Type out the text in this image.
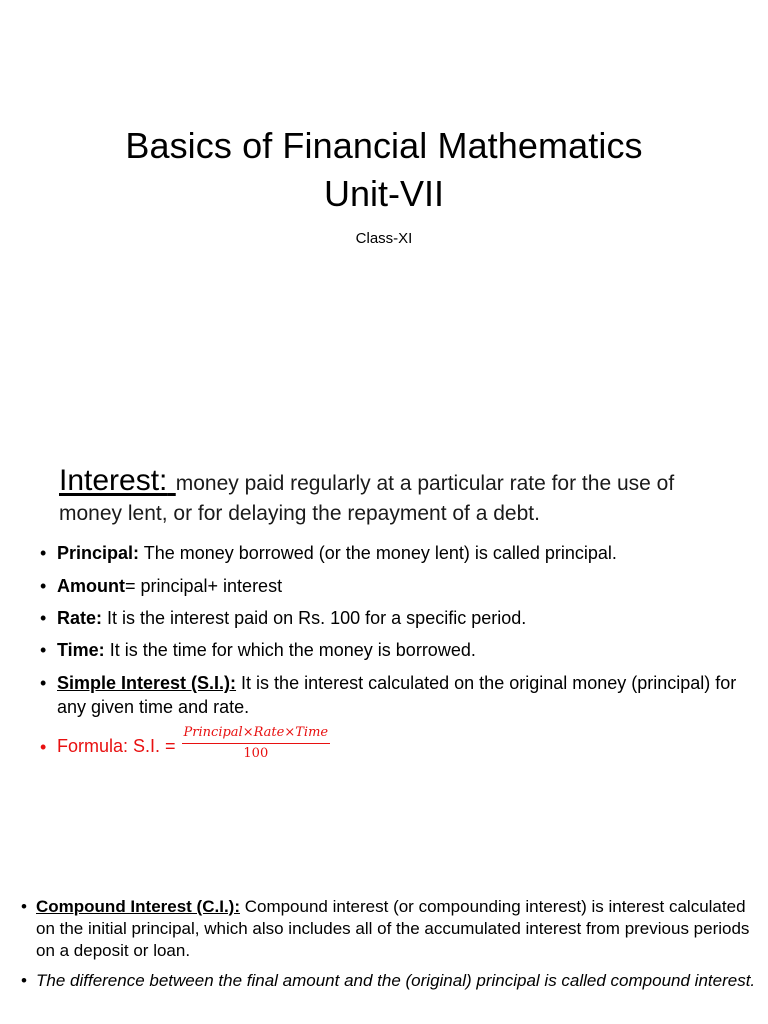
Basics of Financial Mathematics
Unit-VII
Class-XI
Interest: money paid regularly at a particular rate for the use of money lent, or for delaying the repayment of a debt.
• Principal: The money borrowed (or the money lent) is called principal.
• Amount= principal+ interest
• Rate: It is the interest paid on Rs. 100 for a specific period.
• Time: It is the time for which the money is borrowed.
• Simple Interest (S.I.): It is the interest calculated on the original money (principal) for any given time and rate.
• Formula: S.I. = $\frac{\text{Principal×Rate×Time}}{100}$
• Compound Interest (C.I.): Compound interest (or compounding interest) is interest calculated on the initial principal, which also includes all of the accumulated interest from previous periods on a deposit or loan.
• The difference between the final amount and the (original) principal is called compound interest.
